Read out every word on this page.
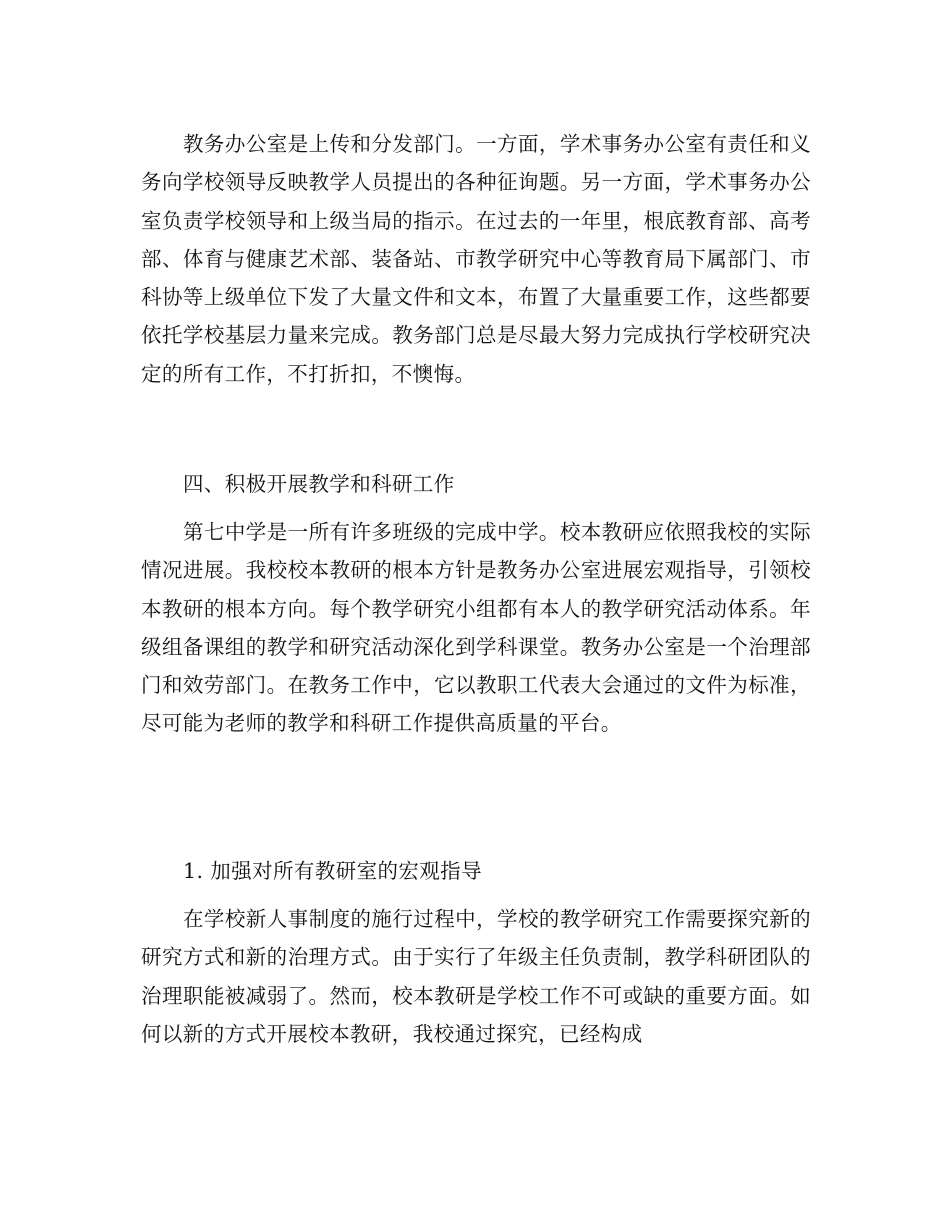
教务办公室是上传和分发部门。一方面，学术事务办公室有责任和义务向学校领导反映教学人员提出的各种征询题。另一方面，学术事务办公室负责学校领导和上级当局的指示。在过去的一年里，根底教育部、高考部、体育与健康艺术部、装备站、市教学研究中心等教育局下属部门、市科协等上级单位下发了大量文件和文本，布置了大量重要工作，这些都要依托学校基层力量来完成。教务部门总是尽最大努力完成执行学校研究决定的所有工作，不打折扣，不懊悔。

四、积极开展教学和科研工作

第七中学是一所有许多班级的完成中学。校本教研应依照我校的实际情况进展。我校校本教研的根本方针是教务办公室进展宏观指导，引领校本教研的根本方向。每个教学研究小组都有本人的教学研究活动体系。年级组备课组的教学和研究活动深化到学科课堂。教务办公室是一个治理部门和效劳部门。在教务工作中，它以教职工代表大会通过的文件为标准，尽可能为老师的教学和科研工作提供高质量的平台。

1. 加强对所有教研室的宏观指导

在学校新人事制度的施行过程中，学校的教学研究工作需要探究新的研究方式和新的治理方式。由于实行了年级主任负责制，教学科研团队的治理职能被减弱了。然而，校本教研是学校工作不可或缺的重要方面。如何以新的方式开展校本教研，我校通过探究，已经构成
